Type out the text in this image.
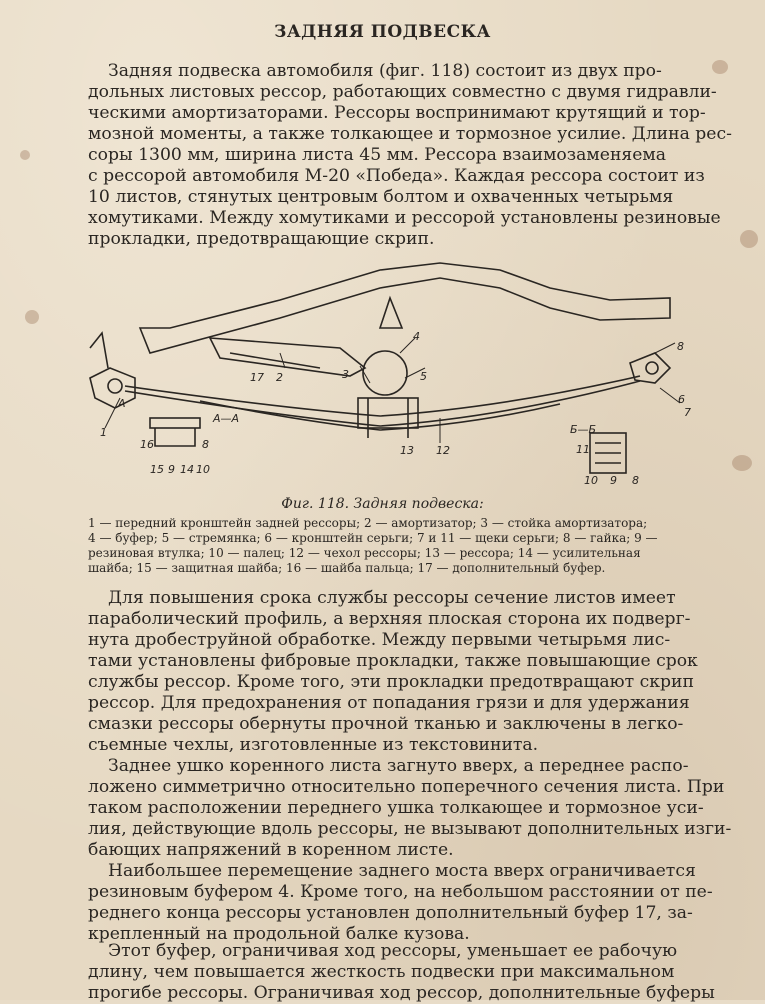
ЗАДНЯЯ ПОДВЕСКА

Задняя подвеска автомобиля (фиг. 118) состоит из двух про-
дольных листовых рессор, работающих совместно с двумя гидравли-
ческими амортизаторами. Рессоры воспринимают крутящий и тор-
мозной моменты, а также толкающее и тормозное усилие. Длина рес-
соры 1300 мм, ширина листа 45 мм. Рессора взаимозаменяема
с рессорой автомобиля М-20 «Победа». Каждая рессора состоит из
10 листов, стянутых центровым болтом и охваченных четырьмя
хомутиками. Между хомутиками и рессорой установлены резиновые
прокладки, предотвращающие скрип.

1
2	3
4
5
6
7
8
17
12
13
А
А—А
Б—Б
15 9 14 10
16	8	11
10 9 8
Фиг. 118. Задняя подвеска:

1 — передний кронштейн задней рессоры; 2 — амортизатор; 3 — стойка амортизатора;
4 — буфер; 5 — стремянка; 6 — кронштейн серьги; 7 и 11 — щеки серьги; 8 — гайка; 9 —
резиновая втулка; 10 — палец; 12 — чехол рессоры; 13 — рессора; 14 — усилительная
шайба; 15 — защитная шайба; 16 — шайба пальца; 17 — дополнительный буфер.

Для повышения срока службы рессоры сечение листов имеет
параболический профиль, а верхняя плоская сторона их подверг-
нута дробеструйной обработке. Между первыми четырьмя лис-
тами установлены фибровые прокладки, также повышающие срок
службы рессор. Кроме того, эти прокладки предотвращают скрип
рессор. Для предохранения от попадания грязи и для удержания
смазки рессоры обернуты прочной тканью и заключены в легко-
съемные чехлы, изготовленные из текстовинита.

Заднее ушко коренного листа загнуто вверх, а переднее распо-
ложено симметрично относительно поперечного сечения листа. При
таком расположении переднего ушка толкающее и тормозное уси-
лия, действующие вдоль рессоры, не вызывают дополнительных изги-
бающих напряжений в коренном листе.

Наибольшее перемещение заднего моста вверх ограничивается
резиновым буфером 4. Кроме того, на небольшом расстоянии от пе-
реднего конца рессоры установлен дополнительный буфер 17, за-
крепленный на продольной балке кузова.

Этот буфер, ограничивая ход рессоры, уменьшает ее рабочую
длину, чем повышается жесткость подвески при максимальном
прогибе рессоры. Ограничивая ход рессор, дополнительные буферы
